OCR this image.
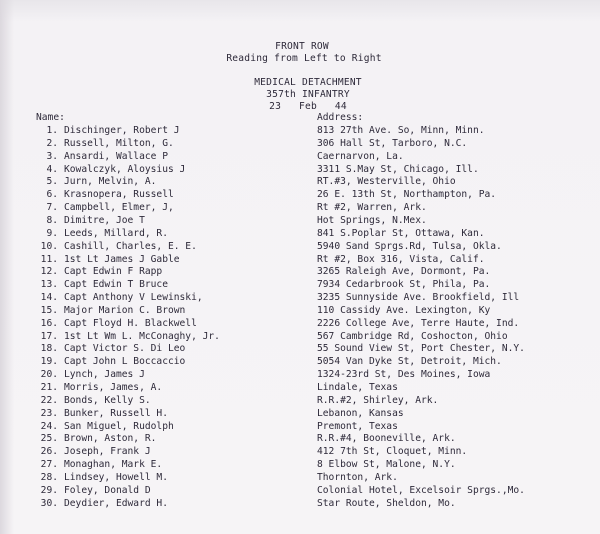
FRONT ROW
Reading from Left to Right
MEDICAL DETACHMENT
357th INFANTRY
23   Feb   44
Name:	Address:
1. Dischinger, Robert J	813 27th Ave. So, Minn, Minn.
2. Russell, Milton, G.	306 Hall St, Tarboro, N.C.
3. Ansardi, Wallace P	Caernarvon, La.
4. Kowalczyk, Aloysius J	3311 S.May St, Chicago, Ill.
5. Jurn, Melvin, A.	RT.#3, Westerville, Ohio
6. Krasnopera, Russell	26 E. 13th St, Northampton, Pa.
7. Campbell, Elmer, J,	Rt #2, Warren, Ark.
8. Dimitre, Joe T	Hot Springs, N.Mex.
9. Leeds, Millard, R.	841 S.Poplar St, Ottawa, Kan.
10. Cashill, Charles, E. E.	5940 Sand Sprgs.Rd, Tulsa, Okla.
11. 1st Lt James J Gable	Rt #2, Box 316, Vista, Calif.
12. Capt Edwin F Rapp	3265 Raleigh Ave, Dormont, Pa.
13. Capt Edwin T Bruce	7934 Cedarbrook St, Phila, Pa.
14. Capt Anthony V Lewinski,	3235 Sunnyside Ave. Brookfield, Ill
15. Major Marion C. Brown	110 Cassidy Ave. Lexington, Ky
16. Capt Floyd H. Blackwell	2226 College Ave, Terre Haute, Ind.
17. 1st Lt Wm L. McConaghy, Jr.	567 Cambridge Rd, Coshocton, Ohio
18. Capt Victor S. Di Leo	55 Sound View St, Port Chester, N.Y.
19. Capt John L Boccaccio	5054 Van Dyke St, Detroit, Mich.
20. Lynch, James J	1324-23rd St, Des Moines, Iowa
21. Morris, James, A.	Lindale, Texas
22. Bonds, Kelly S.	R.R.#2, Shirley, Ark.
23. Bunker, Russell H.	Lebanon, Kansas
24. San Miguel, Rudolph	Premont, Texas
25. Brown, Aston, R.	R.R.#4, Booneville, Ark.
26. Joseph, Frank J	412 7th St, Cloquet, Minn.
27. Monaghan, Mark E.	8 Elbow St, Malone, N.Y.
28. Lindsey, Howell M.	Thornton, Ark.
29. Foley, Donald D	Colonial Hotel, Excelsoir Sprgs.,Mo.
30. Deydier, Edward H.	Star Route, Sheldon, Mo.
